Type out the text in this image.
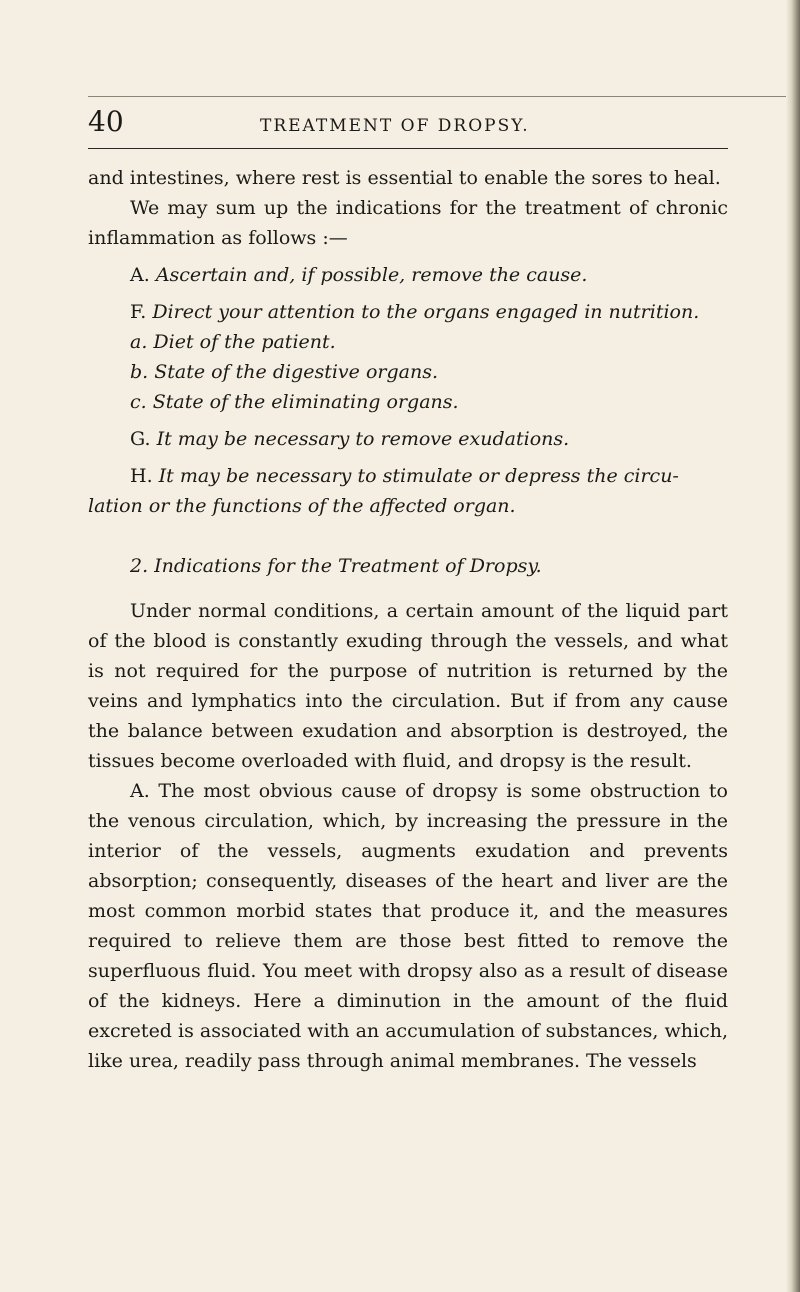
40	TREATMENT OF DROPSY.

and intestines, where rest is essential to enable the sores to heal.

We may sum up the indications for the treatment of chronic inflammation as follows :—

A. Ascertain and, if possible, remove the cause.

F. Direct your attention to the organs engaged in nutrition.

a. Diet of the patient.

b. State of the digestive organs.

c. State of the eliminating organs.

G. It may be necessary to remove exudations.

H. It may be necessary to stimulate or depress the circu-

lation or the functions of the affected organ.

2. Indications for the Treatment of Dropsy.

Under normal conditions, a certain amount of the liquid part of the blood is constantly exuding through the vessels, and what is not required for the purpose of nutrition is returned by the veins and lymphatics into the circulation. But if from any cause the balance between exudation and absorption is destroyed, the tissues become overloaded with fluid, and dropsy is the result.

A. The most obvious cause of dropsy is some obstruction to the venous circulation, which, by increasing the pressure in the interior of the vessels, augments exudation and prevents absorption; consequently, diseases of the heart and liver are the most common morbid states that produce it, and the measures required to relieve them are those best fitted to remove the superfluous fluid. You meet with dropsy also as a result of disease of the kidneys. Here a diminution in the amount of the fluid excreted is associated with an accumulation of substances, which, like urea, readily pass through animal membranes. The vessels
